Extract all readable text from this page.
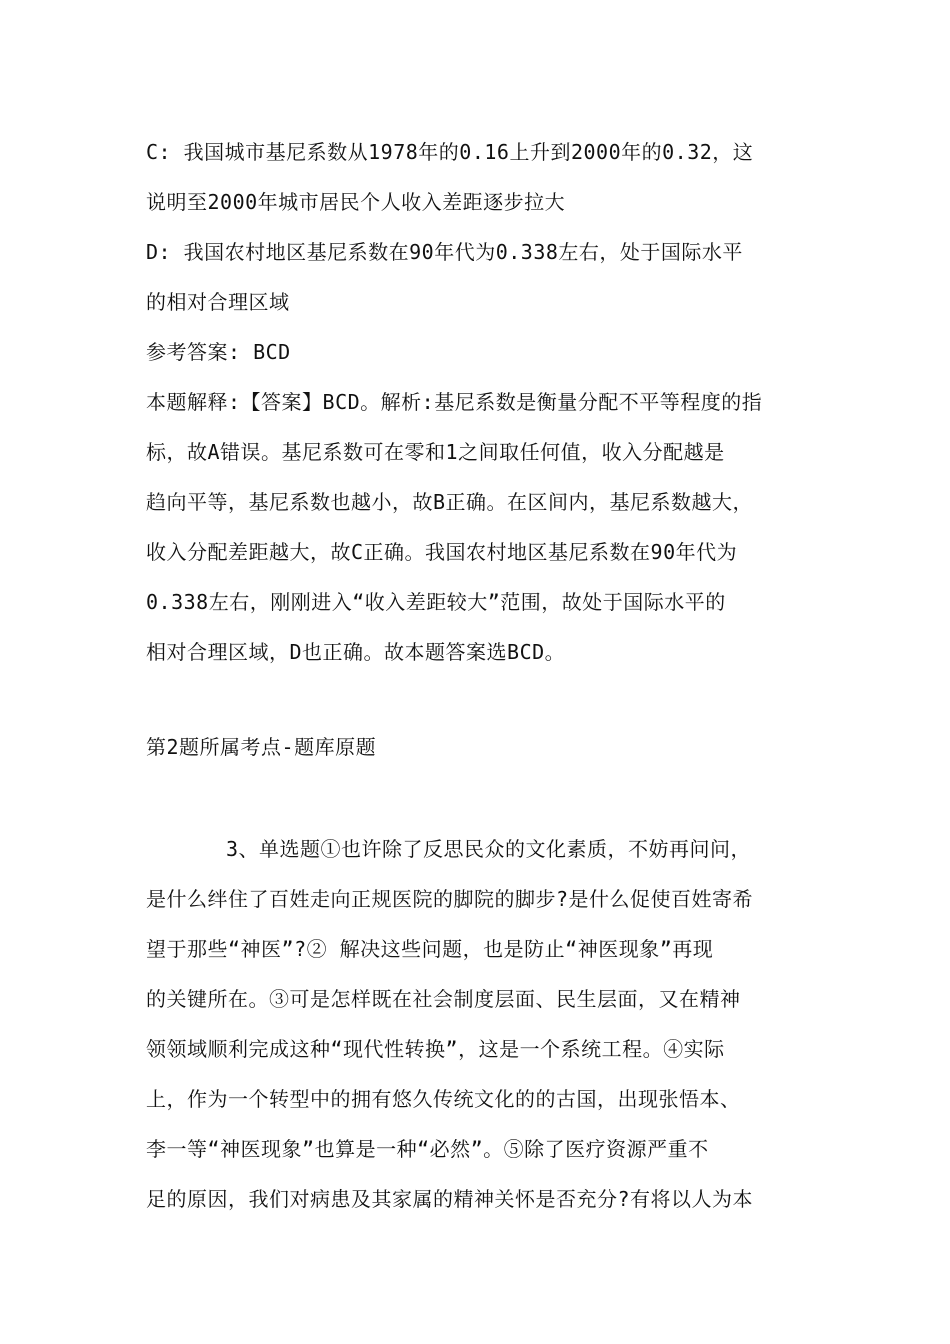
C: 我国城市基尼系数从1978年的0.16上升到2000年的0.32，这
说明至2000年城市居民个人收入差距逐步拉大
D: 我国农村地区基尼系数在90年代为0.338左右，处于国际水平
的相对合理区域
参考答案: BCD
本题解释:【答案】BCD。解析:基尼系数是衡量分配不平等程度的指
标，故A错误。基尼系数可在零和1之间取任何值，收入分配越是
趋向平等，基尼系数也越小，故B正确。在区间内，基尼系数越大，
收入分配差距越大，故C正确。我国农村地区基尼系数在90年代为
0.338左右，刚刚进入“收入差距较大”范围，故处于国际水平的
相对合理区域，D也正确。故本题答案选BCD。
第2题所属考点-题库原题
3、单选题①也许除了反思民众的文化素质，不妨再问问，
是什么绊住了百姓走向正规医院的脚院的脚步?是什么促使百姓寄希
望于那些“神医”?② 解决这些问题，也是防止“神医现象”再现
的关键所在。③可是怎样既在社会制度层面、民生层面，又在精神
领领域顺利完成这种“现代性转换”，这是一个系统工程。④实际
上，作为一个转型中的拥有悠久传统文化的的古国，出现张悟本、
李一等“神医现象”也算是一种“必然”。⑤除了医疗资源严重不
足的原因，我们对病患及其家属的精神关怀是否充分?有将以人为本
